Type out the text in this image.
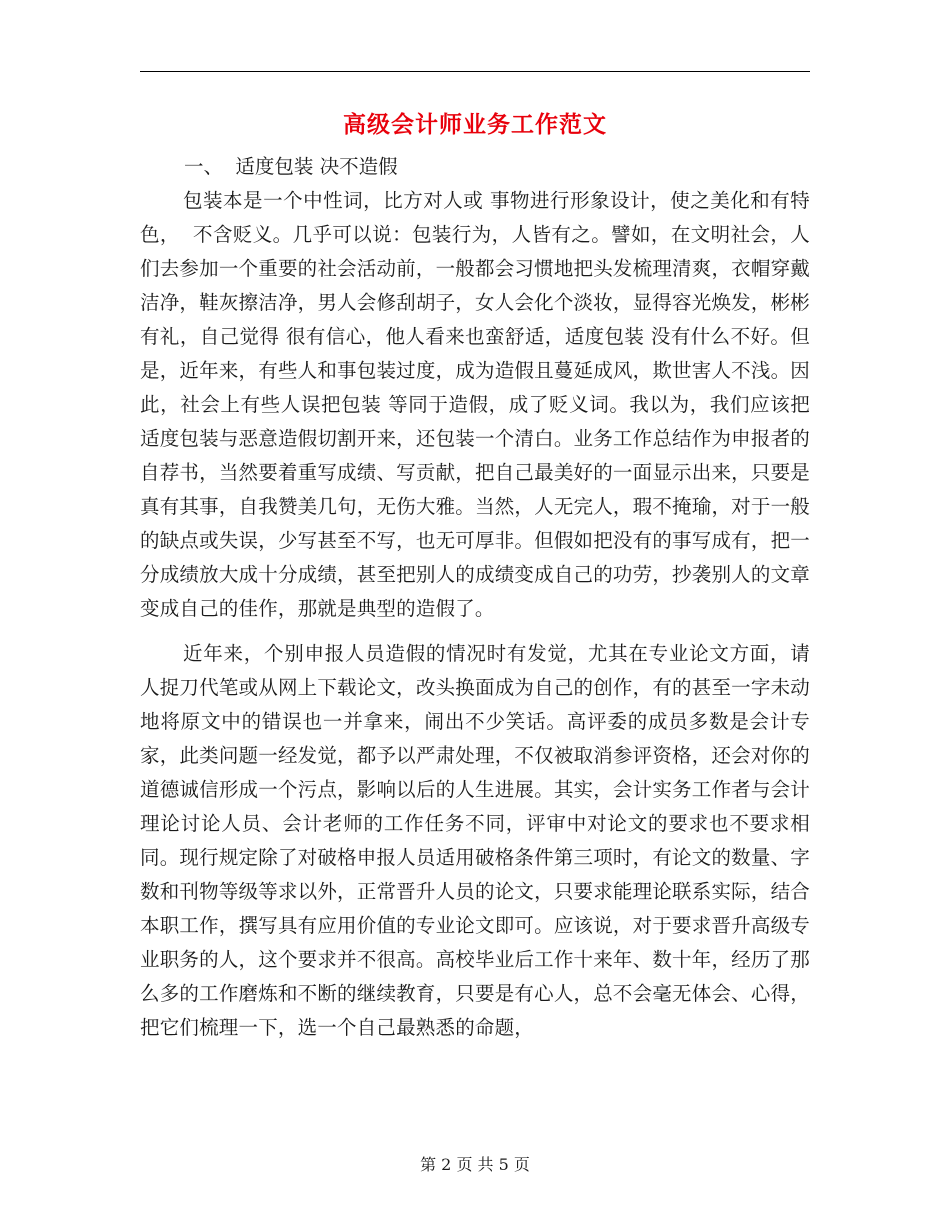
高级会计师业务工作范文

一、  适度包装 决不造假

包装本是一个中性词，比方对人或 事物进行形象设计，使之美化和有特色，  不含贬义。几乎可以说：包装行为，人皆有之。譬如，在文明社会，人们去参加一个重要的社会活动前，一般都会习惯地把头发梳理清爽，衣帽穿戴洁净，鞋灰擦洁净，男人会修刮胡子，女人会化个淡妆，显得容光焕发，彬彬有礼，自己觉得 很有信心，他人看来也蛮舒适，适度包装 没有什么不好。但是，近年来，有些人和事包装过度，成为造假且蔓延成风，欺世害人不浅。因此，社会上有些人误把包装 等同于造假，成了贬义词。我以为，我们应该把适度包装与恶意造假切割开来，还包装一个清白。业务工作总结作为申报者的自荐书，当然要着重写成绩、写贡献，把自己最美好的一面显示出来，只要是真有其事，自我赞美几句，无伤大雅。当然，人无完人，瑕不掩瑜，对于一般的缺点或失误，少写甚至不写，也无可厚非。但假如把没有的事写成有，把一分成绩放大成十分成绩，甚至把别人的成绩变成自己的功劳，抄袭别人的文章变成自己的佳作，那就是典型的造假了。

近年来，个别申报人员造假的情况时有发觉，尤其在专业论文方面，请人捉刀代笔或从网上下载论文，改头换面成为自己的创作，有的甚至一字未动地将原文中的错误也一并拿来，闹出不少笑话。高评委的成员多数是会计专家，此类问题一经发觉，都予以严肃处理，不仅被取消参评资格，还会对你的道德诚信形成一个污点，影响以后的人生进展。其实，会计实务工作者与会计理论讨论人员、会计老师的工作任务不同，评审中对论文的要求也不要求相同。现行规定除了对破格申报人员适用破格条件第三项时，有论文的数量、字数和刊物等级等求以外，正常晋升人员的论文，只要求能理论联系实际，结合本职工作，撰写具有应用价值的专业论文即可。应该说，对于要求晋升高级专业职务的人，这个要求并不很高。高校毕业后工作十来年、数十年，经历了那么多的工作磨炼和不断的继续教育，只要是有心人，总不会毫无体会、心得，把它们梳理一下，选一个自己最熟悉的命题，

第 2 页 共 5 页
